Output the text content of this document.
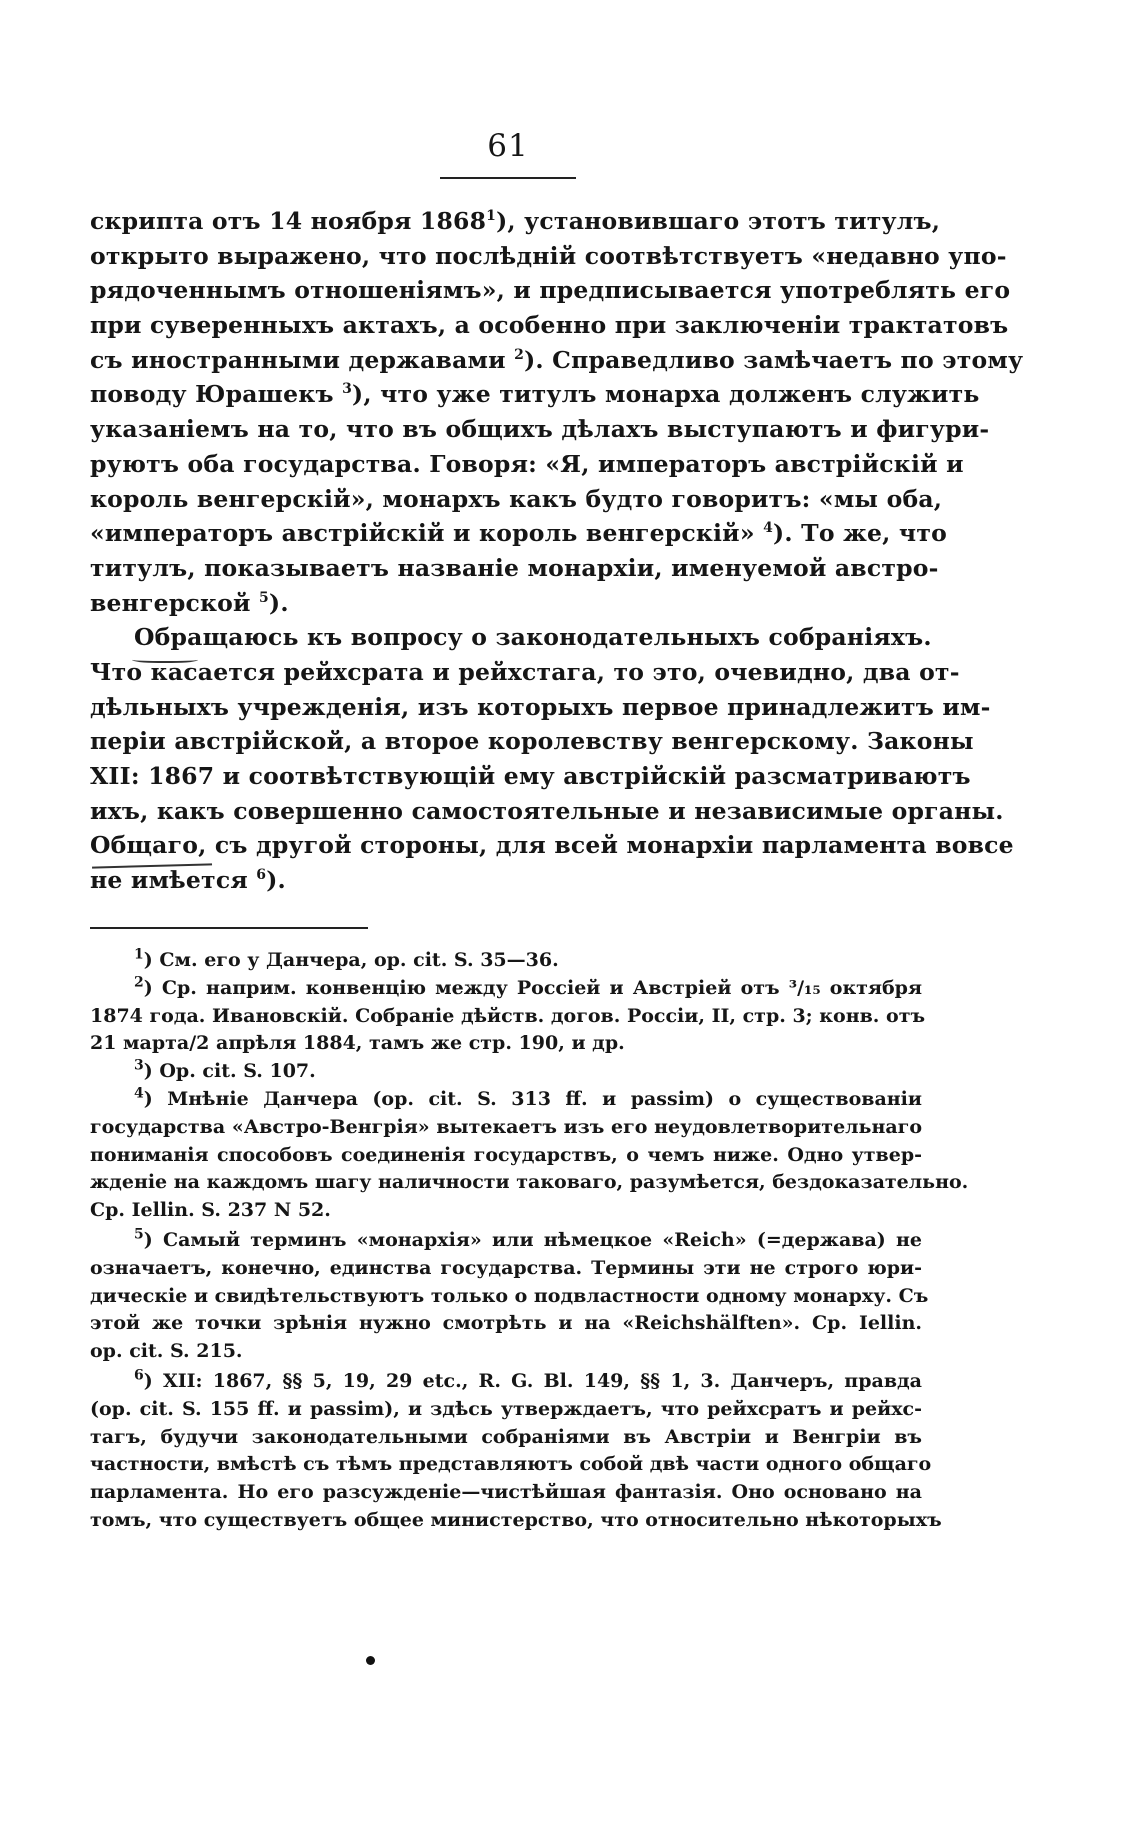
61
скрипта отъ 14 ноября 1868$^1$), установившаго этотъ титулъ,
открыто выражено, что послѣднiй соотвѣтствуетъ «недавно упо-
рядоченнымъ отношенiямъ», и предписывается употреблять его
при суверенныхъ актахъ, а особенно при заключенiи трактатовъ
съ иностранными державами $^2$). Справедливо замѣчаетъ по этому
поводу Юрашекъ $^3$), что уже титулъ монарха долженъ служить
указанiемъ на то, что въ общихъ дѣлахъ выступаютъ и фигури-
руютъ оба государства. Говоря: «Я, императоръ австрiйскiй и
король венгерскiй», монархъ какъ будто говоритъ: «мы оба,
«императоръ австрiйскiй и король венгерскiй» $^4$). То же, что
титулъ, показываетъ названiе монархiи, именуемой австро-
венгерской $^5$).
Обращаюсь къ вопросу о законодательныхъ собранiяхъ.
Что касается рейхсрата и рейхстага, то это, очевидно, два от-
дѣльныхъ учрежденiя, изъ которыхъ первое принадлежитъ им-
перiи австрiйской, а второе королевству венгерскому. Законы
XII: 1867 и соотвѣтствующiй ему австрiйскiй разсматриваютъ
ихъ, какъ совершенно самостоятельные и независимые органы.
Общаго, съ другой стороны, для всей монархiи парламента вовсе
не имѣется $^6$).
$^1$) См. его у Данчера, op. cit. S. 35—36.
$^2$) Ср. наприм. конвенцiю между Россiей и Австрiей отъ ³/₁₅ октября
1874 года. Ивановскiй. Собранiе дѣйств. догов. Россiи, II, стр. 3; конв. отъ
21 марта/2 апрѣля 1884, тамъ же стр. 190, и др.
$^3$) Op. cit. S. 107.
$^4$) Мнѣнiе Данчера (op. cit. S. 313 ff. и passim) о существованiи
государства «Австро-Венгрiя» вытекаетъ изъ его неудовлетворительнаго
пониманiя способовъ соединенiя государствъ, о чемъ ниже. Одно утвер-
жденiе на каждомъ шагу наличности таковаго, разумѣется, бездоказательно.
Ср. Iellin. S. 237 N 52.
$^5$) Самый терминъ «монархiя» или нѣмецкое «Reich» (=держава) не
означаетъ, конечно, единства государства. Термины эти не строго юри-
дическiе и свидѣтельствуютъ только о подвластности одному монарху. Съ
этой же точки зрѣнiя нужно смотрѣть и на «Reichshälften». Ср. Iellin.
op. cit. S. 215.
$^6$) XII: 1867, §§ 5, 19, 29 etc., R. G. Bl. 149, §§ 1, 3. Данчеръ, правда
(op. cit. S. 155 ff. и passim), и здѣсь утверждаетъ, что рейхсратъ и рейхс-
тагъ, будучи законодательными собранiями въ Австрiи и Венгрiи въ
частности, вмѣстѣ съ тѣмъ представляютъ собой двѣ части одного общаго
парламента. Но его разсужденiе—чистѣйшая фантазiя. Оно основано на
томъ, что существуетъ общее министерство, что относительно нѣкоторыхъ
